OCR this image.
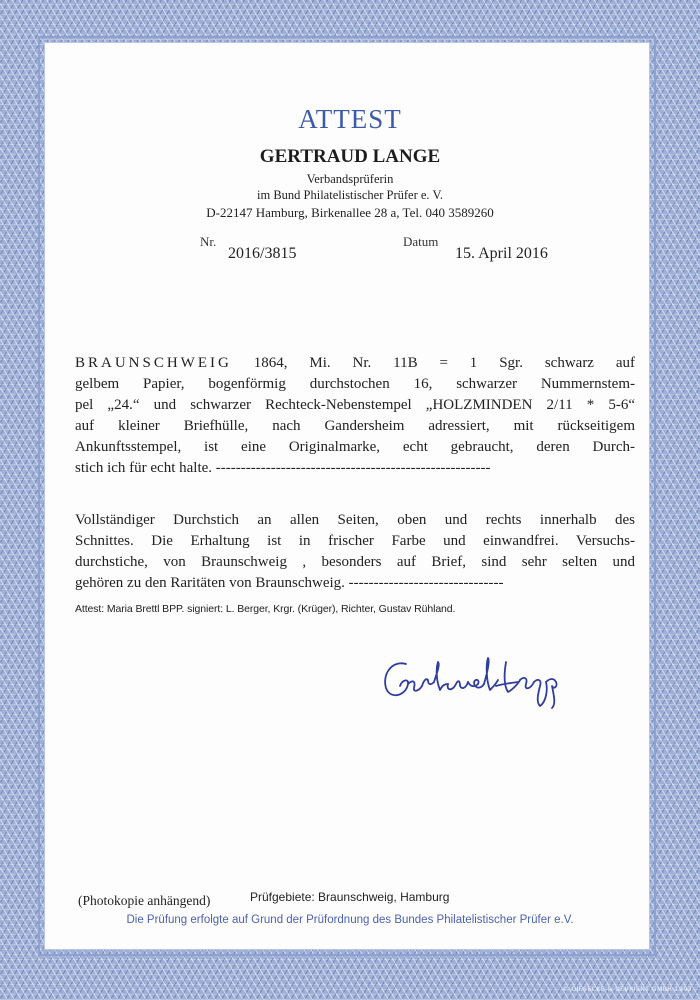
© GIESECKE & DEVRIENT GMBH 1993
ATTEST
GERTRAUD LANGE
Verbandsprüferin
im Bund Philatelistischer Prüfer e. V.
D-22147 Hamburg, Birkenallee 28 a, Tel. 040 3589260
Nr.
2016/3815
Datum
15. April 2016
BRAUNSCHWEIG 1864, Mi. Nr. 11B = 1 Sgr. schwarz auf
gelbem Papier, bogenförmig durchstochen 16, schwarzer Nummernstem-
pel „24.“ und schwarzer Rechteck-Nebenstempel „HOLZMINDEN 2/11 * 5-6“
auf kleiner Briefhülle, nach Gandersheim adressiert, mit rückseitigem
Ankunftsstempel, ist eine Originalmarke, echt gebraucht, deren Durch-
stich ich für echt halte. -------------------------------------------------------
Vollständiger Durchstich an allen Seiten, oben und rechts innerhalb des
Schnittes. Die Erhaltung ist in frischer Farbe und einwandfrei. Versuchs-
durchstiche, von Braunschweig , besonders auf Brief, sind sehr selten und
gehören zu den Raritäten von Braunschweig. -------------------------------
Attest: Maria Brettl BPP. signiert: L. Berger, Krgr. (Krüger), Richter, Gustav Rühland.
(Photokopie anhängend)	Prüfgebiete: Braunschweig, Hamburg
Die Prüfung erfolgte auf Grund der Prüfordnung des Bundes Philatelistischer Prüfer e.V.
